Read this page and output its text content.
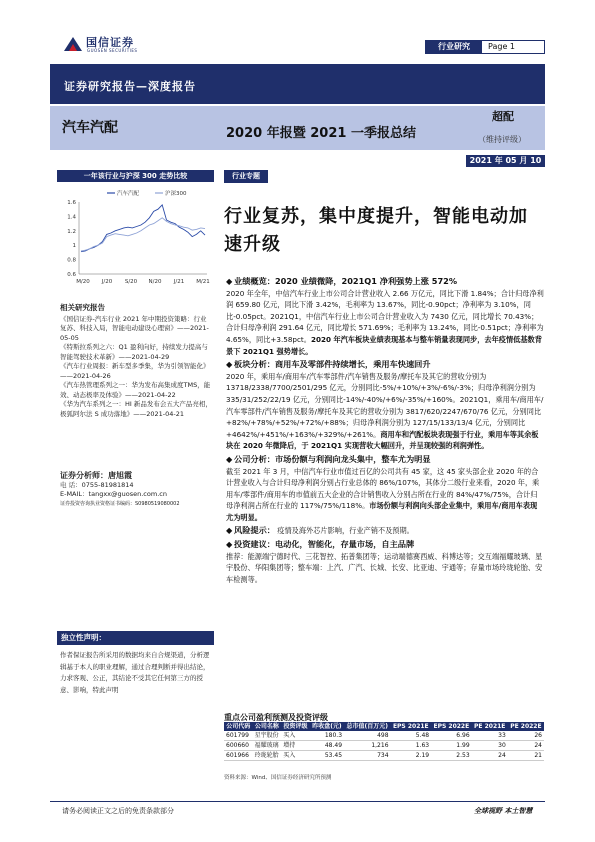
国信证券
GUOSEN SECURITIES	行业研究	Page 1
证券研究报告—深度报告
汽车汽配	2020 年报暨 2021 一季报总结
超配
（维持评级）
2021 年 05 月 10 日
一年该行业与沪深 300 走势比较
1.6
1.4
1.2
1
0.8
0.6
M/20 J/20 S/20 N/20 J/21 M/21
汽车汽配	沪深300
相关研究报告
《国信证券-汽车行业 2021 年中期投资策略：行业复苏、科技入局，智能电动建设心理窗》——2021-05-05
《特斯拉系列之六：Q1 盈利向好，持续发力提高与智能驾驶技术革新》——2021-04-29
《汽车行业周报：新车型多季集，华为引领智能化》——2021-04-26
《汽车热管理系列之一：华为发布高集成度TMS，能效、动态极率及体验》——2021-04-22
《华为汽车系列之一：HI 新品发布会五大产品亮相，极狐阿尔法 S 成功落地》——2021-04-21
证券分析师：唐旭霞
电 话：0755-81981814
E-MAIL：tangxx@guosen.com.cn
证券投资咨询执业资格证书编码：S0980519080002
独立性声明：
作者保证报告所采用的数据均来自合规渠道，分析逻辑基于本人的职业理解，通过合理判断并得出结论，力求客观、公正，其结论不受其它任何第三方的授意、影响，特此声明
行业专题
行业复苏，集中度提升，智能电动加速升级

◆ 业绩概览：2020 业绩微降，2021Q1 净利强势上涨 572%
2020 年全年，中信汽车行业上市公司合计营业收入 2.66 万亿元，同比下滑 1.84%；合计归母净利润 659.80 亿元，同比下滑 3.42%，毛利率为 13.67%，同比-0.90pct；净利率为 3.10%，同比-0.05pct。2021Q1，中信汽车行业上市公司合计营业收入为 7430 亿元，同比增长 70.43%；合计归母净利润 291.64 亿元，同比增长 571.69%；毛利率为 13.24%，同比-0.51pct；净利率为 4.65%，同比+3.58pct。2020 年汽车板块业绩表现基本与整车销量表现同步，去年疫情低基数背景下 2021Q1 强势增长。

◆ 板块分析：商用车及零部件持续增长，乘用车快速回升
2020 年，乘用车/商用车/汽车零部件/汽车销售及服务/摩托车及其它的营收分别为 13718/2338/7700/2501/295 亿元，分别同比-5%/+10%/+3%/-6%/-3%；归母净利润分别为 335/31/252/22/19 亿元，分别同比-14%/-40%/+6%/-35%/+160%。2021Q1，乘用车/商用车/汽车零部件/汽车销售及服务/摩托车及其它的营收分别为 3817/620/2247/670/76 亿元，分别同比+82%/+78%/+52%/+72%/+88%；归母净利润分别为 127/15/133/13/4 亿元，分别同比+4642%/+451%/+163%/+329%/+261%。商用车和汽配板块表现强于行业，乘用车等其余板块在 2020 年微降后，于 2021Q1 实现营收大幅回升，并呈现较强的利润弹性。

◆ 公司分析：市场份额与利润向龙头集中，整车尤为明显
截至 2021 年 3 月，中信汽车行业市值过百亿的公司共有 45 家，这 45 家头部企业 2020 年的合计营业收入与合计归母净利润分别占行业总体的 86%/107%，其体分二级行业来看，2020 年，乘用车/零部件/商用车的市值前五大企业的合计销售收入分别占所在行业的 84%/47%/75%，合计归母净利润占所在行业的 117%/75%/118%。市场份额与利润向头部企业集中，乘用车/商用车表现尤为明显。

◆ 风险提示： 疫情及海外芯片影响，行业产销不及预期。

◆ 投资建议：电动化，智能化，存量市场，自主品牌
推荐：能源端宁德时代、三花智控、拓普集团等；运动端德赛西威、科博达等；交互端福耀玻璃、星宇股份、华阳集团等；整车端：上汽、广汽、长城、长安、比亚迪、宇通等；存量市场玲珑轮胎、安车检测等。

重点公司盈利预测及投资评级
公司代码	公司名称	投资评级	昨收盘(元)	总市值(百万元)	EPS 2021E	EPS 2022E	PE 2021E	PE 2022E
601799	星宇股份	买入	180.3	498	5.48	6.96	33	26
600660	福耀玻璃	增持	48.49	1,216	1.63	1.99	30	24
601966	玲珑轮胎	买入	53.45	734	2.19	2.53	24	21
资料来源：Wind、国信证券经济研究所预测
请务必阅读正文之后的免责条款部分	全球视野 本土智慧
